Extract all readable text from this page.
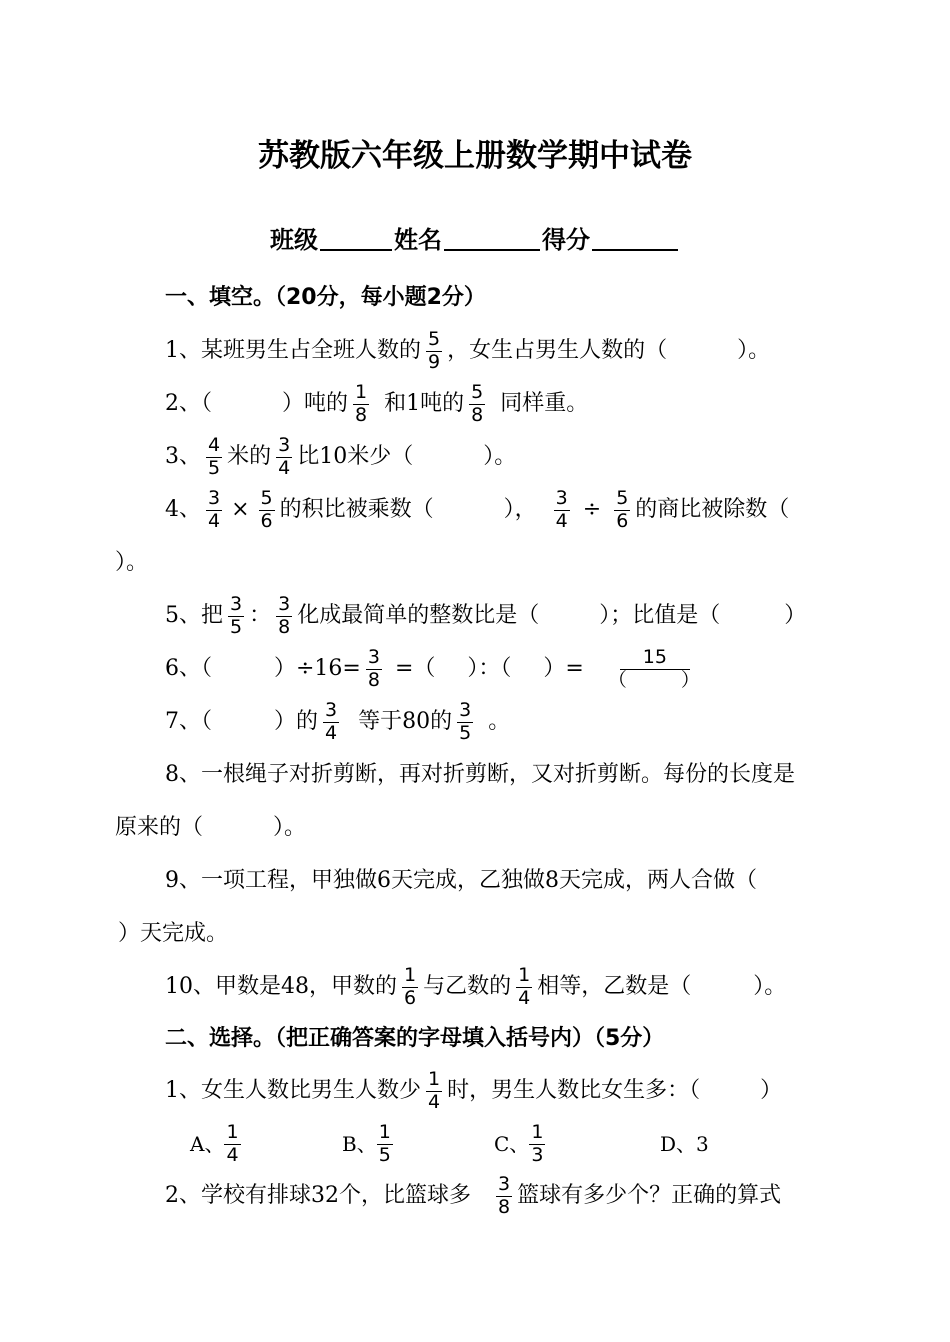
苏教版六年级上册数学期中试卷
班级	姓名	得分
一、填空。（20分，每小题2分）
1、某班男生占全班人数的 $\frac{5}{9}$ ，女生占男生人数的（	）。
2、（	）吨的 $\frac{1}{8}$ 和1吨的 $\frac{5}{8}$ 同样重。
3、 $\frac{4}{5}$ 米的 $\frac{3}{4}$ 比10米少（	）。
4、 $\frac{3}{4} \times \frac{5}{6}$ 的积比被乘数（	）， $\frac{3}{4} \div \frac{5}{6}$ 的商比被除数（
）。
5、把 $\frac{3}{5}$ ： $\frac{3}{8}$ 化成最简单的整数比是（	）；比值是（	）
6、（	）$\div 16= \frac{3}{8}$ =（ ）：（ ）= $\frac{15}{( )}$
7、（	）的 $\frac{3}{4}$ 等于80的 $\frac{3}{5}$ 。
8、一根绳子对折剪断，再对折剪断，又对折剪断。每份的长度是
原来的（	）。
9、一项工程，甲独做6天完成，乙独做8天完成，两人合做（
）天完成。
10、甲数是48，甲数的 $\frac{1}{6}$ 与乙数的 $\frac{1}{4}$ 相等，乙数是（	）。
二、选择。（把正确答案的字母填入括号内）（5分）
1、女生人数比男生人数少 $\frac{1}{4}$ 时，男生人数比女生多：（	）
A、 $\frac{1}{4}$	B、 $\frac{1}{5}$	C、 $\frac{1}{3}$	D、3
2、学校有排球32个，比篮球多 $\frac{3}{8}$ 篮球有多少个？正确的算式
